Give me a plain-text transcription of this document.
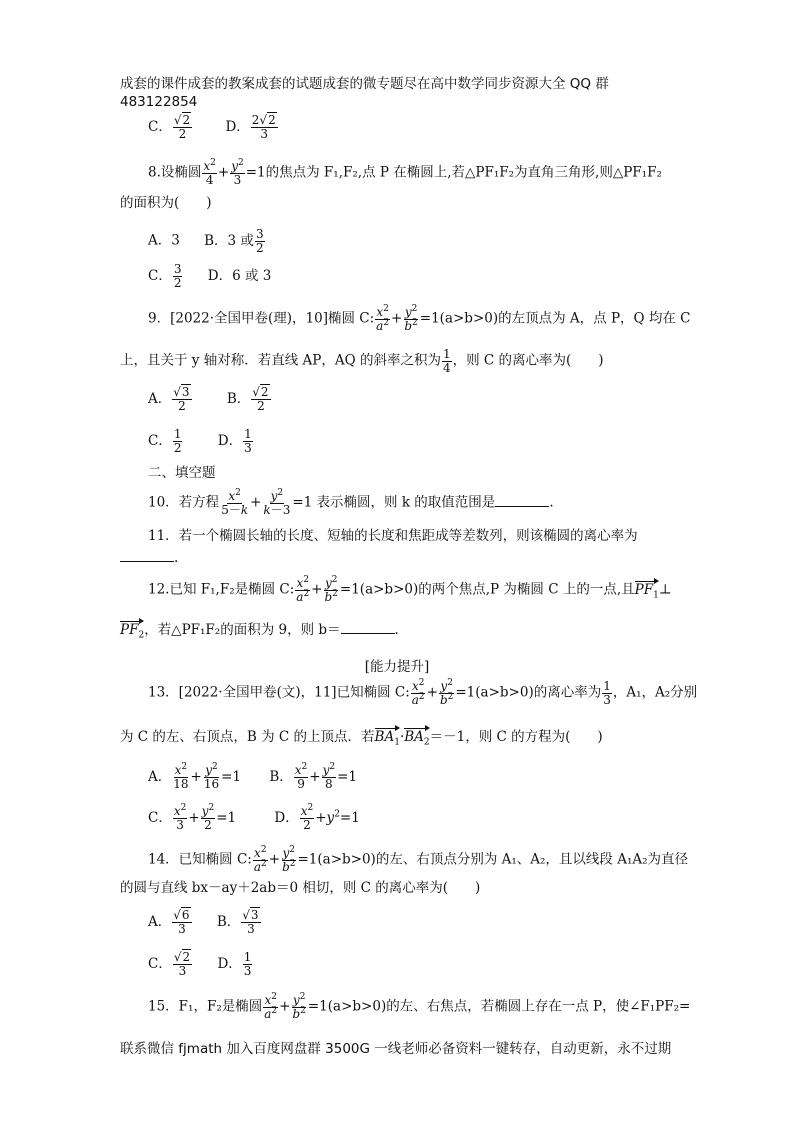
成套的课件成套的教案成套的试题成套的微专题尽在高中数学同步资源大全 QQ 群
483122854
C． $\frac{√2}{2}$ D． $\frac{2√2}{3}$
8.设椭圆 $\frac{x^2}{4} + \frac{y^2}{3} =1$的焦点为 F₁,F₂,点 P 在椭圆上,若△PF₁F₂为直角三角形,则△PF₁F₂
的面积为(　　)
A．3 B．3 或 $\frac{3}{2}$
C． $\frac{3}{2}$ D．6 或 3
9．[2022·全国甲卷(理)，10]椭圆 C: $\frac{x^2}{a^2} + \frac{y^2}{b^2} =1(a>b>0)$的左顶点为 A，点 P，Q 均在 C
上，且关于 y 轴对称．若直线 AP，AQ 的斜率之积为 $\frac{1}{4}$ ，则 C 的离心率为(　　)
A． $\frac{√3}{2}$	B． $\frac{√2}{2}$
C． $\frac{1}{2}$	D． $\frac{1}{3}$
二、填空题
10．若方程 $\frac{x^2}{5-k} + \frac{y^2}{k-3} =1$ 表示椭圆，则 k 的取值范围是	.
11．若一个椭圆长轴的长度、短轴的长度和焦距成等差数列，则该椭圆的离心率为
.
12.已知 F₁,F₂是椭圆 C: $\frac{x^2}{a^2} + \frac{y^2}{b^2} =1(a>b>0)$的两个焦点,P 为椭圆 C 上的一点,且$PF_1\perp$
$PF_2$，若△PF₁F₂的面积为 9，则 b＝	.
[能力提升]
13．[2022·全国甲卷(文)，11]已知椭圆 C: $\frac{x^2}{a^2} + \frac{y^2}{b^2} =1(a>b>0)$的离心率为 $\frac{1}{3}$ ，A₁，A₂分别
为 C 的左、右顶点，B 为 C 的上顶点．若$BA_1\cdot BA_2=-1$，则 C 的方程为(　　)
A． $\frac{x^2}{18} + \frac{y^2}{16} =1$ B． $\frac{x^2}{9} + \frac{y^2}{8} =1$
C． $\frac{x^2}{3} + \frac{y^2}{2} =1$	D． $\frac{x^2}{2} +y^2=1$
14．已知椭圆 C: $\frac{x^2}{a^2} + \frac{y^2}{b^2} =1(a>b>0)$的左、右顶点分别为 A₁、A₂，且以线段 A₁A₂为直径
的圆与直线 bx－ay＋2ab＝0 相切，则 C 的离心率为(　　)
A． $\frac{√6}{3}$ B． $\frac{√3}{3}$
C． $\frac{√2}{3}$ D． $\frac{1}{3}$
15．F₁，F₂是椭圆 $\frac{x^2}{a^2} + \frac{y^2}{b^2} =1(a>b>0)$的左、右焦点，若椭圆上存在一点 P，使∠F₁PF₂=
联系微信 fjmath 加入百度网盘群 3500G 一线老师必备资料一键转存，自动更新，永不过期
